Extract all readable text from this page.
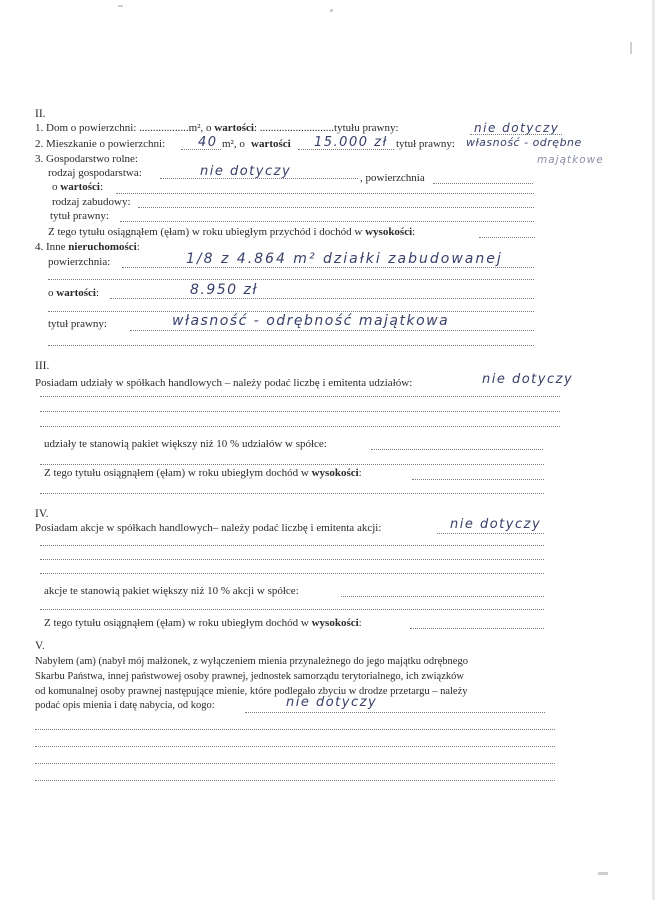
II.
1. Dom o powierzchni: ..................m², o wartości: ...........................tytułu prawny:	nie dotyczy
2. Mieszkanie o powierzchni:	40 m², o wartości 15.000 zł tytuł prawny: własność - odrębne
majątkowe
3. Gospodarstwo rolne:
rodzaj gospodarstwa:	nie dotyczy	, powierzchnia
o wartości:
rodzaj zabudowy:
tytuł prawny:
Z tego tytułu osiągnąłem (ęłam) w roku ubiegłym przychód i dochód w wysokości:
4. Inne nieruchomości:
powierzchnia:	1/8 z 4.864 m² działki zabudowanej
o wartości:	8.950 zł
tytuł prawny:	własność - odrębność majątkowa
III.
Posiadam udziały w spółkach handlowych – należy podać liczbę i emitenta udziałów:	nie dotyczy
udziały te stanowią pakiet większy niż 10 % udziałów w spółce:
Z tego tytułu osiągnąłem (ęłam) w roku ubiegłym dochód w wysokości:
IV.
Posiadam akcje w spółkach handlowych– należy podać liczbę i emitenta akcji:	nie dotyczy
akcje te stanowią pakiet większy niż 10 % akcji w spółce:
Z tego tytułu osiągnąłem (ęłam) w roku ubiegłym dochód w wysokości:
V.
Nabyłem (am) (nabył mój małżonek, z wyłączeniem mienia przynależnego do jego majątku odrębnego
Skarbu Państwa, innej państwowej osoby prawnej, jednostek samorządu terytorialnego, ich związków
od komunalnej osoby prawnej następujące mienie, które podlegało zbyciu w drodze przetargu – należy
podać opis mienia i datę nabycia, od kogo:	nie dotyczy
